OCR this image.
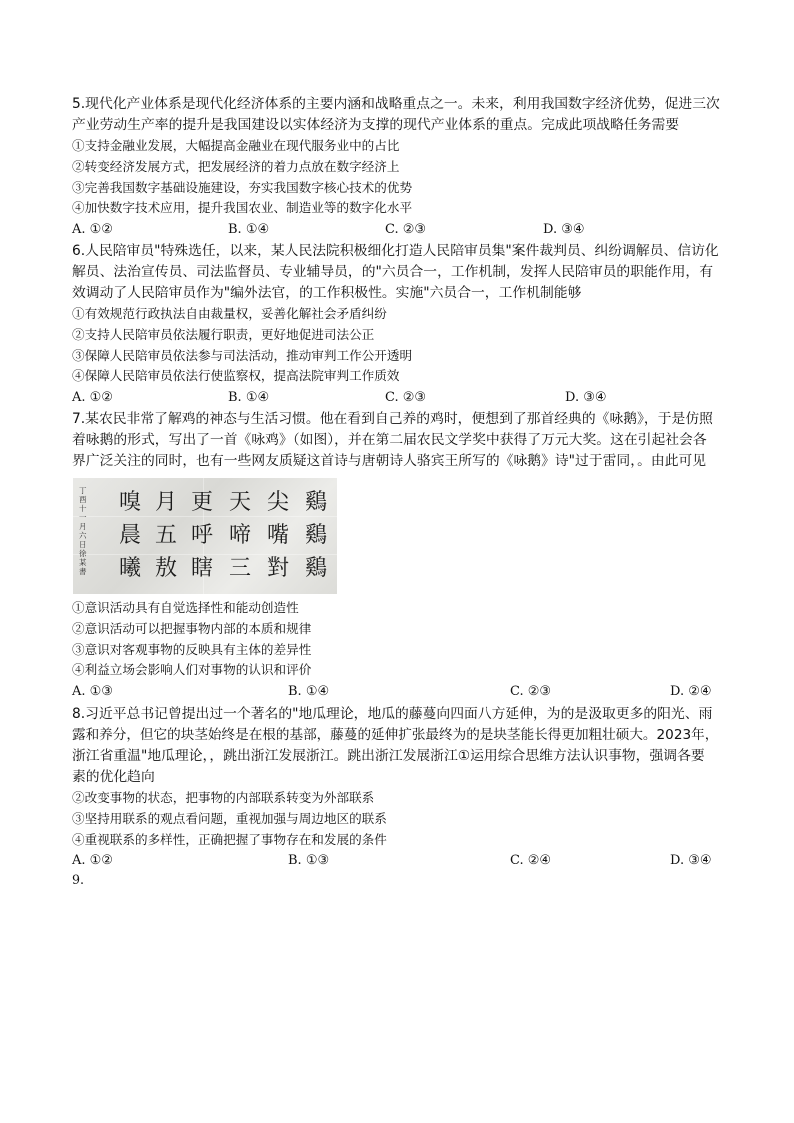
5.现代化产业体系是现代化经济体系的主要内涵和战略重点之一。未来，利用我国数字经济优势，促进三次
产业劳动生产率的提升是我国建设以实体经济为支撑的现代产业体系的重点。完成此项战略任务需要
①支持金融业发展，大幅提高金融业在现代服务业中的占比
②转变经济发展方式，把发展经济的着力点放在数字经济上
③完善我国数字基础设施建设，夯实我国数字核心技术的优势
④加快数字技术应用，提升我国农业、制造业等的数字化水平
A. ①②	B. ①④	C. ②③	D. ③④
6.人民陪审员"特殊选任，以来，某人民法院积极细化打造人民陪审员集"案件裁判员、纠纷调解员、信访化
解员、法治宣传员、司法监督员、专业辅导员，的"六员合一，工作机制，发挥人民陪审员的职能作用，有
效调动了人民陪审员作为"编外法官，的工作积极性。实施"六员合一，工作机制能够
①有效规范行政执法自由裁量权，妥善化解社会矛盾纠纷
②支持人民陪审员依法履行职责，更好地促进司法公正
③保障人民陪审员依法参与司法活动，推动审判工作公开透明
④保障人民陪审员依法行使监察权，提高法院审判工作质效
A. ①②	B. ①④	C. ②③	D. ③④
7.某农民非常了解鸡的神态与生活习惯。他在看到自己养的鸡时，便想到了那首经典的《咏鹅》，于是仿照
着咏鹅的形式，写出了一首《咏鸡》（如图），并在第二届农民文学奖中获得了万元大奖。这在引起社会各
界广泛关注的同时，也有一些网友质疑这首诗与唐朝诗人骆宾王所写的《咏鹅》诗"过于雷同，。由此可见
丁
酉
十
一
月
六
日
徐
某
書
鷄
鷄
鷄
尖
嘴
對
天
啼
三
更
呼
瞎
月
五
敖
嗅
晨
曦
①意识活动具有自觉选择性和能动创造性
②意识活动可以把握事物内部的本质和规律
③意识对客观事物的反映具有主体的差异性
④利益立场会影响人们对事物的认识和评价
A. ①③	B. ①④	C. ②③	D. ②④
8.习近平总书记曾提出过一个著名的"地瓜理论，地瓜的藤蔓向四面八方延伸，为的是汲取更多的阳光、雨
露和养分，但它的块茎始终是在根的基部，藤蔓的延伸扩张最终为的是块茎能长得更加粗壮硕大。2023年，
浙江省重温"地瓜理论，，跳出浙江发展浙江。跳出浙江发展浙江①运用综合思维方法认识事物，强调各要
素的优化趋向
②改变事物的状态，把事物的内部联系转变为外部联系
③坚持用联系的观点看问题，重视加强与周边地区的联系
④重视联系的多样性，正确把握了事物存在和发展的条件
A. ①②	B. ①③	C. ②④	D. ③④
9.
